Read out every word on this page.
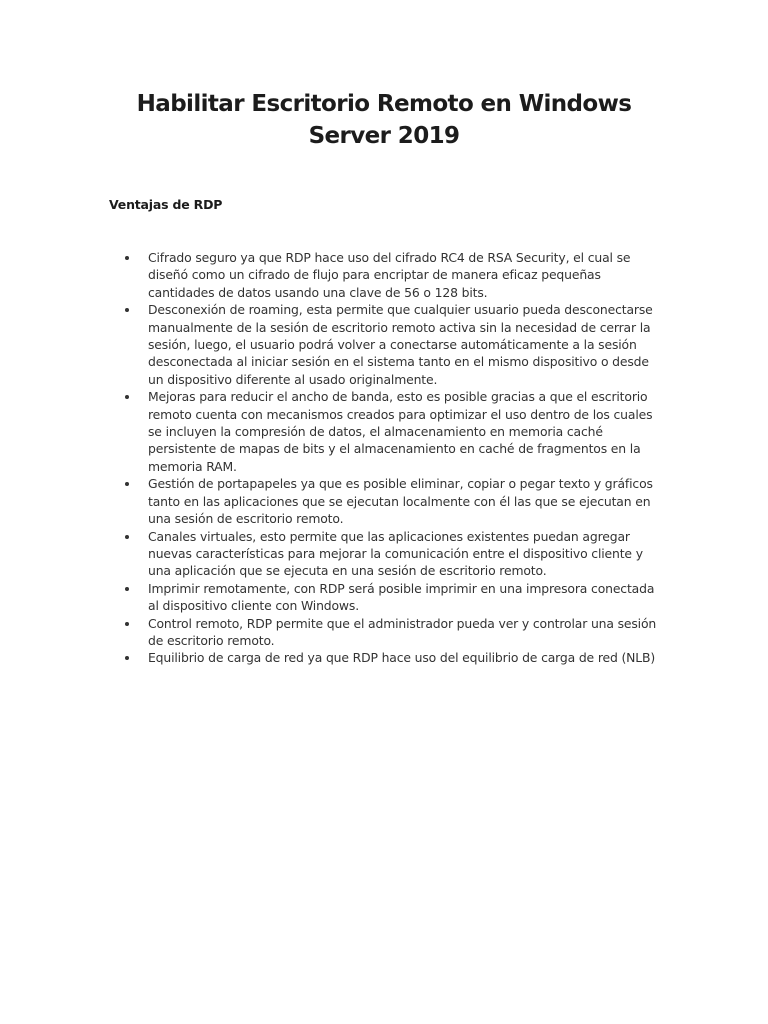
Habilitar Escritorio Remoto en Windows Server 2019
Ventajas de RDP
Cifrado seguro ya que RDP hace uso del cifrado RC4 de RSA Security, el cual se diseñó como un cifrado de flujo para encriptar de manera eficaz pequeñas cantidades de datos usando una clave de 56 o 128 bits.
Desconexión de roaming, esta permite que cualquier usuario pueda desconectarse manualmente de la sesión de escritorio remoto activa sin la necesidad de cerrar la sesión, luego, el usuario podrá volver a conectarse automáticamente a la sesión desconectada al iniciar sesión en el sistema tanto en el mismo dispositivo o desde un dispositivo diferente al usado originalmente.
Mejoras para reducir el ancho de banda, esto es posible gracias a que el escritorio remoto cuenta con mecanismos creados para optimizar el uso dentro de los cuales se incluyen la compresión de datos, el almacenamiento en memoria caché persistente de mapas de bits y el almacenamiento en caché de fragmentos en la memoria RAM.
Gestión de portapapeles ya que es posible eliminar, copiar o pegar texto y gráficos tanto en las aplicaciones que se ejecutan localmente con él las que se ejecutan en una sesión de escritorio remoto.
Canales virtuales, esto permite que las aplicaciones existentes puedan agregar nuevas características para mejorar la comunicación entre el dispositivo cliente y una aplicación que se ejecuta en una sesión de escritorio remoto.
Imprimir remotamente, con RDP será posible imprimir en una impresora conectada al dispositivo cliente con Windows.
Control remoto, RDP permite que el administrador pueda ver y controlar una sesión de escritorio remoto.
Equilibrio de carga de red ya que RDP hace uso del equilibrio de carga de red (NLB)
